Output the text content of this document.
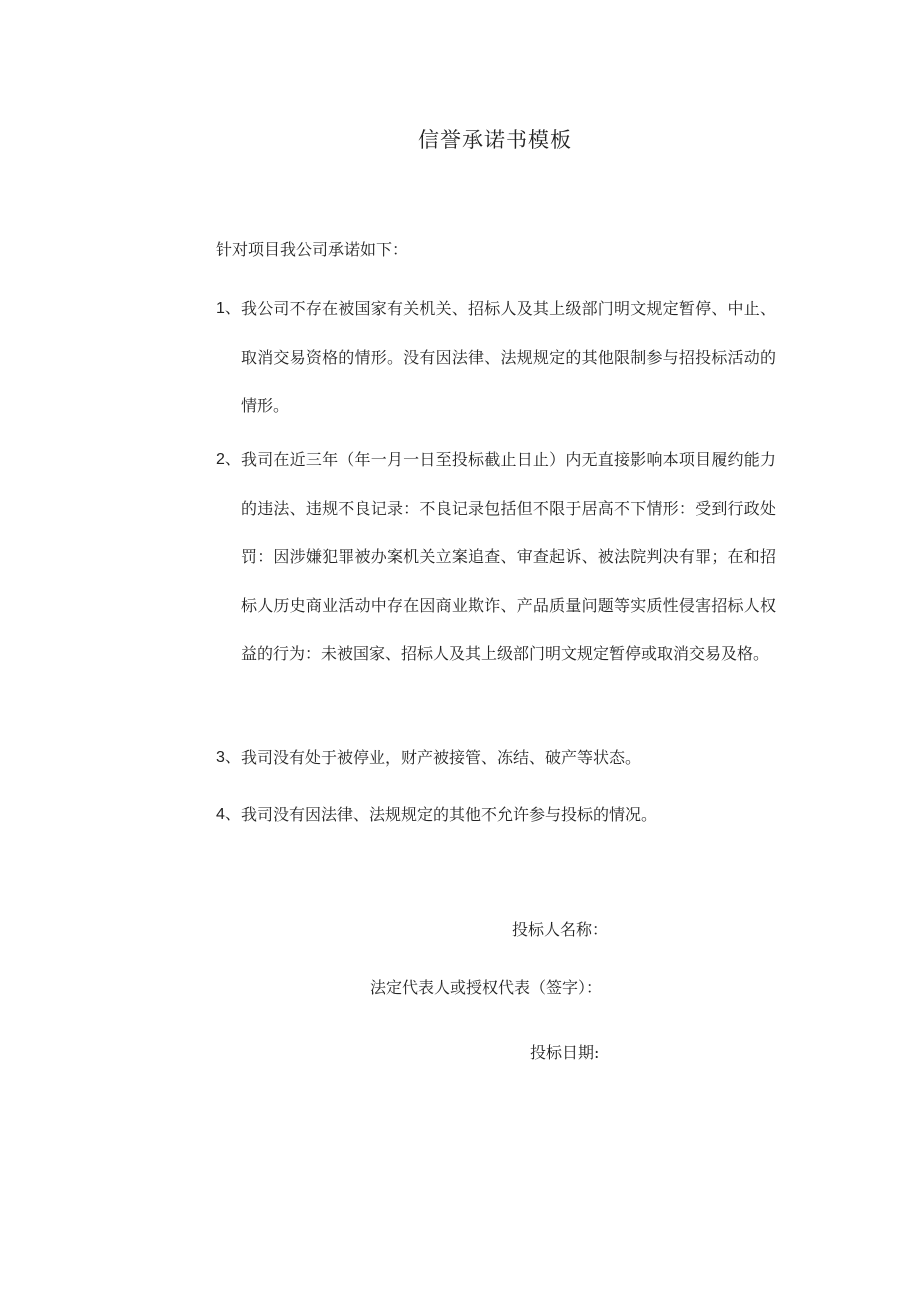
信誉承诺书模板
针对项目我公司承诺如下：
1、 我公司不存在被国家有关机关、招标人及其上级部门明文规定暂停、中止、取消交易资格的情形。没有因法律、法规规定的其他限制参与招投标活动的情形。
2、 我司在近三年（年一月一日至投标截止日止）内无直接影响本项目履约能力的违法、违规不良记录：不良记录包括但不限于居高不下情形：受到行政处罚：因涉嫌犯罪被办案机关立案追查、审查起诉、被法院判决有罪；在和招标人历史商业活动中存在因商业欺诈、产品质量问题等实质性侵害招标人权益的行为：未被国家、招标人及其上级部门明文规定暂停或取消交易及格。
3、 我司没有处于被停业，财产被接管、冻结、破产等状态。
4、 我司没有因法律、法规规定的其他不允许参与投标的情况。
投标人名称：
法定代表人或授权代表（签字）：
投标日期:
